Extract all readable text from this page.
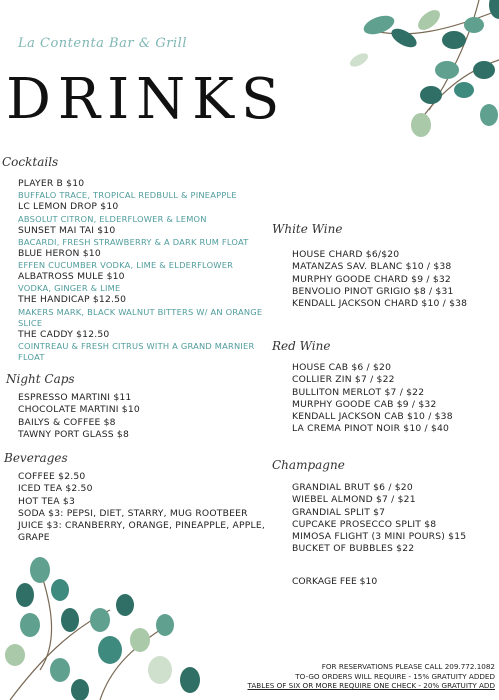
La Contenta Bar & Grill
DRINKS
Cocktails
PLAYER B $10
BUFFALO TRACE, TROPICAL REDBULL & PINEAPPLE
LC LEMON DROP $10
ABSOLUT CITRON, ELDERFLOWER & LEMON
SUNSET MAI TAI $10
BACARDI, FRESH STRAWBERRY & A DARK RUM FLOAT
BLUE HERON $10
EFFEN CUCUMBER VODKA, LIME & ELDERFLOWER
ALBATROSS MULE $10
VODKA, GINGER & LIME
THE HANDICAP $12.50
MAKERS MARK, BLACK WALNUT BITTERS W/ AN ORANGE SLICE
THE CADDY $12.50
COINTREAU & FRESH CITRUS WITH A GRAND MARNIER FLOAT
Night Caps
ESPRESSO MARTINI $11
CHOCOLATE MARTINI $10
BAILYS & COFFEE $8
TAWNY PORT GLASS $8
Beverages
COFFEE $2.50
ICED TEA $2.50
HOT TEA $3
SODA $3: PEPSI, DIET, STARRY, MUG ROOTBEER
JUICE $3: CRANBERRY, ORANGE, PINEAPPLE, APPLE, GRAPE
White Wine
HOUSE CHARD $6/$20
MATANZAS SAV. BLANC $10 / $38
MURPHY GOODE CHARD $9 / $32
BENVOLIO PINOT GRIGIO $8 / $31
KENDALL JACKSON CHARD $10 / $38
Red Wine
HOUSE CAB $6 / $20
COLLIER ZIN $7 / $22
BULLITON MERLOT $7 / $22
MURPHY GOODE CAB $9 / $32
KENDALL JACKSON CAB $10 / $38
LA CREMA PINOT NOIR $10 / $40
Champagne
GRANDIAL BRUT $6 / $20
WIEBEL ALMOND $7 / $21
GRANDIAL SPLIT $7
CUPCAKE PROSECCO SPLIT $8
MIMOSA FLIGHT (3 MINI POURS) $15
BUCKET OF BUBBLES $22
CORKAGE FEE $10
FOR RESERVATIONS PLEASE CALL 209.772.1082
TO-GO ORDERS WILL REQUIRE - 15% GRATUITY ADDED
TABLES OF SIX OR MORE REQUIRE ONE CHECK - 20% GRATUITY ADD
